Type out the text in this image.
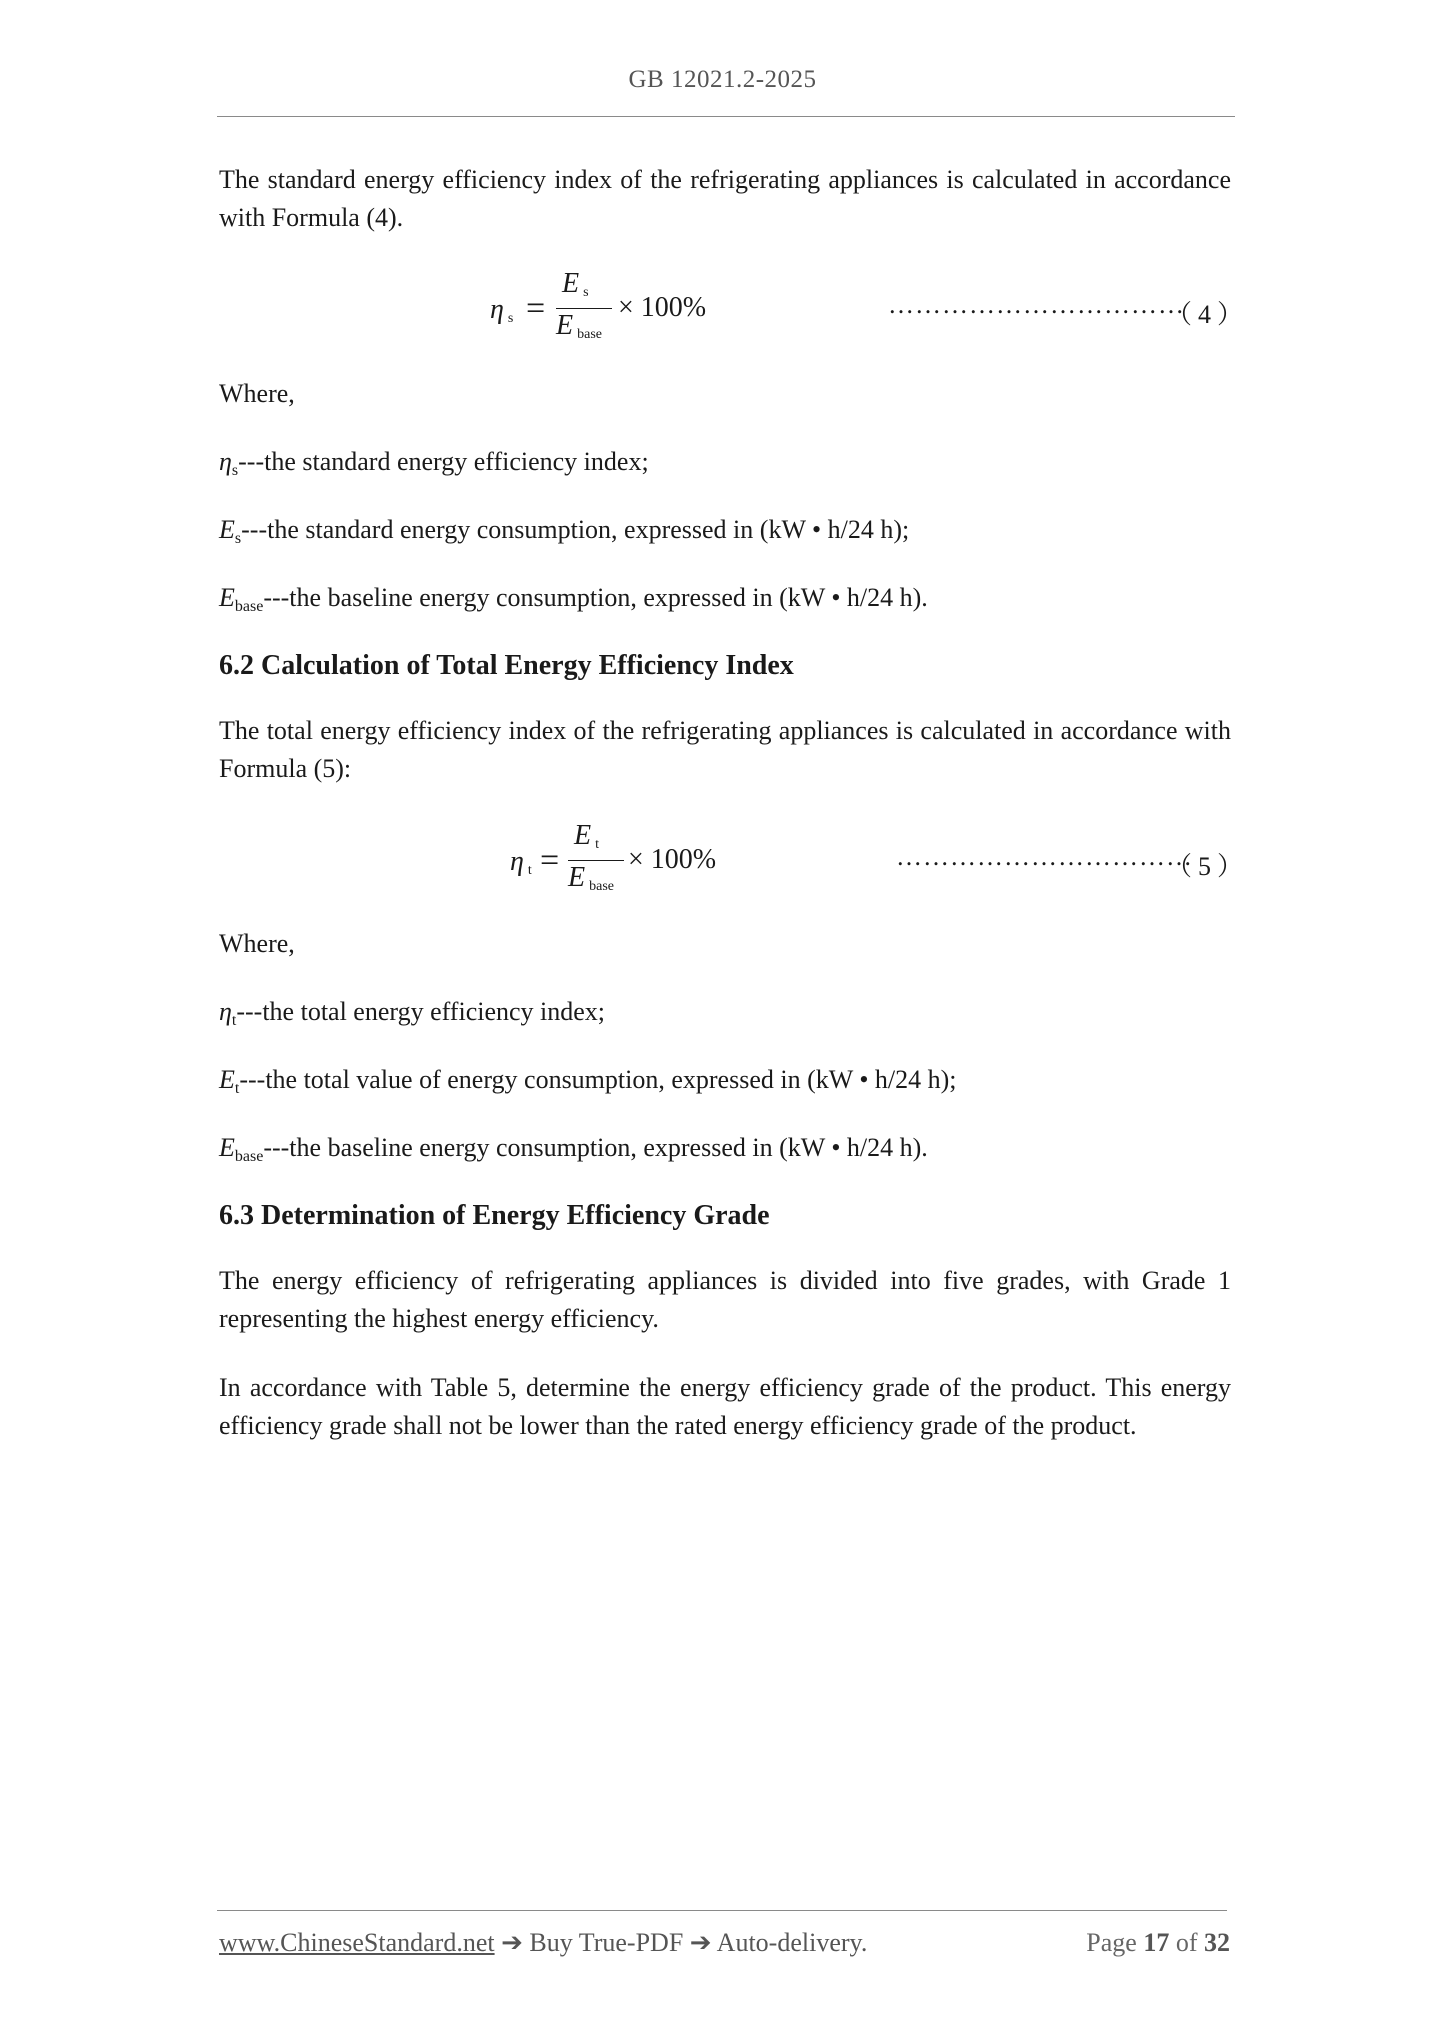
GB 12021.2-2025

The standard energy efficiency index of the refrigerating appliances is calculated in accordance with Formula (4).

ηs =
Es
Ebase
× 100%	……………………………
（4）

Where,

$\eta_s--$-the standard energy efficiency index;

$E_s--$-the standard energy consumption, expressed in (kW • h/24 h);

$E_{base}--$-the baseline energy consumption, expressed in (kW • h/24 h).

6.2 Calculation of Total Energy Efficiency Index

The total energy efficiency index of the refrigerating appliances is calculated in accordance with Formula (5):

ηt =
Et
Ebase
× 100%	……………………………
（5）

Where,

$\eta_t--$-the total energy efficiency index;

$E_t--$-the total value of energy consumption, expressed in (kW • h/24 h);

$E_{base}--$-the baseline energy consumption, expressed in (kW • h/24 h).

6.3 Determination of Energy Efficiency Grade

The energy efficiency of refrigerating appliances is divided into five grades, with Grade 1 representing the highest energy efficiency.

In accordance with Table 5, determine the energy efficiency grade of the product. This energy efficiency grade shall not be lower than the rated energy efficiency grade of the product.

www.ChineseStandard.net ➔ Buy True-PDF ➔ Auto-delivery.	Page 17 of 32
